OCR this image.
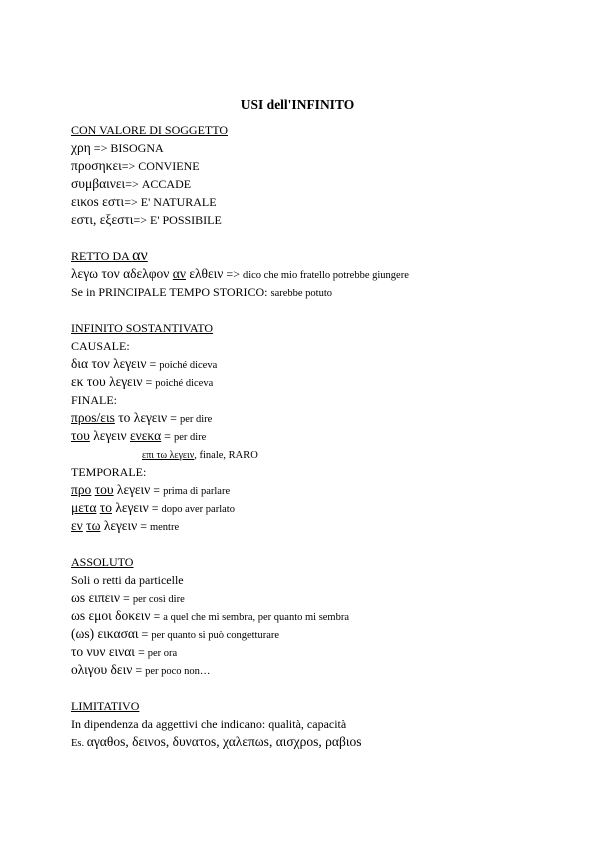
USI dell'INFINITO
CON VALORE DI SOGGETTO
χρη => BISOGNA
προσηκει=> CONVIENE
συμβαινει=> ACCADE
εικοs εστι=> E' NATURALE
εστι, εξεστι=> E' POSSIBILE
RETTO DA αν
λεγω τον αδελφον αν ελθειν => dico che mio fratello potrebbe giungere
Se in PRINCIPALE TEMPO STORICO: sarebbe potuto
INFINITO SOSTANTIVATO
CAUSALE:
δια τον λεγειν = poiché diceva
εκ του λεγειν = poiché diceva
FINALE:
προs/ειs το λεγειν = per dire
του λεγειν ενεκα = per dire
επι τω λεγειν, finale, RARO
TEMPORALE:
προ του λεγειν = prima di parlare
μετα το λεγειν = dopo aver parlato
εν τω λεγειν = mentre
ASSOLUTO
Soli o retti da particelle
ωs ειπειν = per così dire
ωs εμοι δοκειν = a quel che mi sembra, per quanto mi sembra
(ωs) εικασαι = per quanto si può congetturare
το νυν ειναι = per ora
ολιγου δειν = per poco non…
LIMITATIVO
In dipendenza da aggettivi che indicano: qualità, capacità
Es. αγαθοs, δεινοs, δυνατοs, χαλεπωs, αισχροs, ραβιοs
